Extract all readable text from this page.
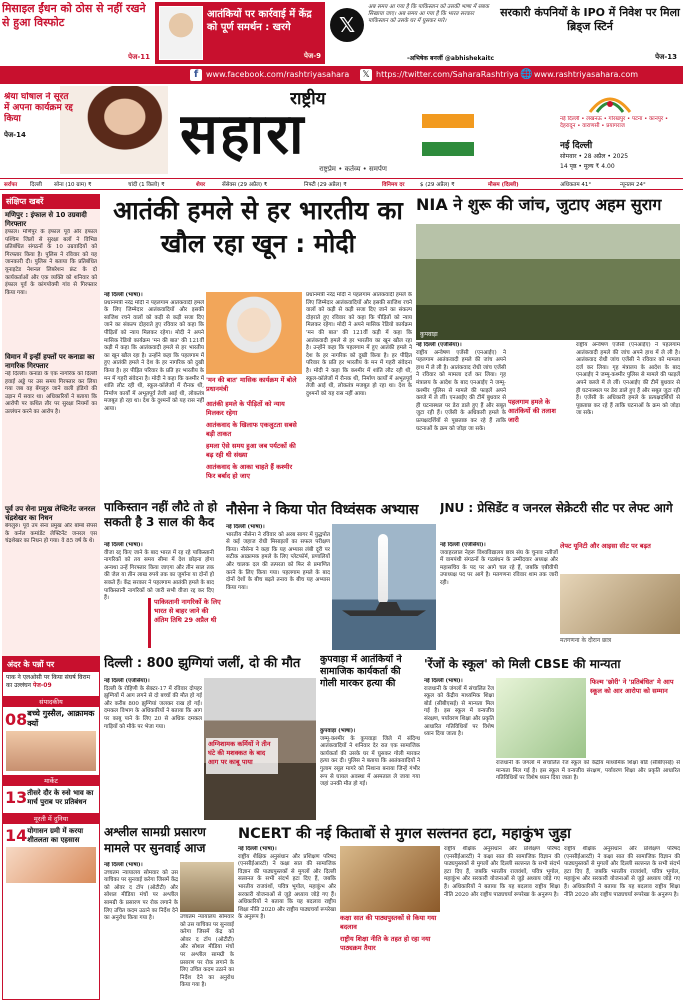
मिसाइल ईंधन को ठोस से नहीं रखने से हुआ विस्फोट
पेज-11
आतंकियों पर कार्रवाई में केंद्र को पूर्ण समर्थन : खरगे
पेज-9
𝕏
अब समय आ गया है कि पाकिस्तान को उसकी भाषा में सबक सिखाया जाए। अब समय आ गया है कि भारत सरकार पाकिस्तान को उसके घर में घुसकर मारे।
-अभिषेक बनर्जी @abhishekaitc
सरकारी कंपनियों के IPO में निवेश पर मिला ब्रिड्ज स्टिर्न
पेज-13
f www.facebook.com/rashtriyasahara 𝕏 https://twitter.com/SaharaRashtriya 🌐 www.rashtriyasahara.com
श्रेया घोषाल ने सूरत में अपना कार्यक्रम रद्द किया
पेज-14
राष्ट्रीय
सहारा
राष्ट्रप्रेम • कर्तव्य • समर्पण
नई दिल्ली • लखनऊ • गोरखपुर • पटना • कानपुर • देहरादून • वाराणसी • प्रयागराज
नई दिल्ली
सोमवार • 28 अप्रैल • 2025
14 पृष्ठ • मूल्य ₹ 4.00
सर्राफा दिल्ली सोना (10 ग्राम) ₹	चांदी (1 किलो) ₹	शेयर	सेंसेक्स (29 अप्रैल) ₹	निफ्टी (29 अप्रैल) ₹	विनिमय दर	$ (29 अप्रैल) ₹	मौसम (दिल्ली)	अधिकतम 41°	न्यूनतम 24°
संक्षिप्त खबरें
मणिपुर : इंफाल से 10 उग्रवादी गिरफ्तार
इंफाल। मणिपुर के इंफाल पूर्व और इंफाल पश्चिम जिलों से सुरक्षा बलों ने विभिन्न प्रतिबंधित संगठनों के 10 उग्रवादियों को गिरफ्तार किया है। पुलिस ने रविवार को यह जानकारी दी। पुलिस ने बताया कि प्रतिबंधित यूनाइटेड नेशनल लिबरेशन फ्रंट के दो कार्यकर्ताओं और एक व्यक्ति को शनिवार को इंफाल पूर्व के कांगपोक्पी गांव से गिरफ्तार किया गया।
विमान में इन्हीं हफ्तों पर कनाडा का नागरिक गिरफ्तार
नई दिल्ली। कनाडा के एक नागरिक को दिल्ली हवाई अड्डे पर उस समय गिरफ्तार कर लिया गया जब वह बेंगलुरु जाने वाली इंडिगो की उड़ान में सवार था। अधिकारियों ने बताया कि आरोपी पर कथित तौर पर सुरक्षा नियमों का उल्लंघन करने का आरोप है।
पूर्व उप सेना प्रमुख लेफ्टिनेंट जनरल चंद्रशेखर का निधन
बेंगलुरु। पूर्व उप सेना प्रमुख और बॉम्बे सैपर्स के कर्नल कमांडेंट लेफ्टिनेंट जनरल एस चंद्रशेखर का निधन हो गया। वे 85 वर्ष के थे।
अंदर के पन्नों पर
पाक ने एलओसी पर किया संघर्ष विराम का उल्लंघन पेज-09
संपादकीय
08 बच्चे गुस्सैल, आक्रामक क्यों
मार्केट
13 तीसरे दौर के रुसे भाव का मार्च पुराब पर प्रतिबंधन
मूरती में दुनिया
14 योगासन ग्रमी में करया शीतलता का एहसास
आतंकी हमले से हर भारतीय का खौल रहा खून : मोदी
नई दिल्ली (भाषा)।
प्रधानमंत्री नरेंद्र मोदी ने पहलगाम आतंकवादी हमले के लिए जिम्मेदार आतंकवादियों और इसकी साजिश रचने वालों को कड़ी से कड़ी सजा दिए जाने का संकल्प दोहराते हुए रविवार को कहा कि पीड़ितों को न्याय मिलकर रहेगा। मोदी ने अपने मासिक रेडियो कार्यक्रम 'मन की बात' की 121वीं कड़ी में कहा कि आतंकवादी हमले से हर भारतीय का खून खौल रहा है। उन्होंने कहा कि पहलगाम में हुए आतंकी हमले ने देश के हर नागरिक को दुखी किया है। हर पीड़ित परिवार के प्रति हर भारतीय के मन में गहरी संवेदना है। मोदी ने कहा कि कश्मीर में शांति लौट रही थी, स्कूल-कॉलेजों में रौनक थी, निर्माण कार्यों में अभूतपूर्व तेजी आई थी, लोकतंत्र मजबूत हो रहा था। देश के दुश्मनों को यह रास नहीं आया।
'मन की बात' मासिक कार्यक्रम में बोले प्रधानमंत्री
आतंकी हमले के पीड़ितों को न्याय मिलकर रहेगा
आतंकवाद के खिलाफ एकजुटता सबसे बड़ी ताकत
हमला ऐसे समय हुआ जब पर्यटकों की बढ़ रही थी संख्या
आतंकवाद के आका चाहते हैं कश्मीर फिर बर्बाद हो जाए
प्रधानमंत्री नरेंद्र मोदी ने पहलगाम आतंकवादी हमले के लिए जिम्मेदार आतंकवादियों और इसकी साजिश रचने वालों को कड़ी से कड़ी सजा दिए जाने का संकल्प दोहराते हुए रविवार को कहा कि पीड़ितों को न्याय मिलकर रहेगा। मोदी ने अपने मासिक रेडियो कार्यक्रम 'मन की बात' की 121वीं कड़ी में कहा कि आतंकवादी हमले से हर भारतीय का खून खौल रहा है। उन्होंने कहा कि पहलगाम में हुए आतंकी हमले ने देश के हर नागरिक को दुखी किया है। हर पीड़ित परिवार के प्रति हर भारतीय के मन में गहरी संवेदना है। मोदी ने कहा कि कश्मीर में शांति लौट रही थी, स्कूल-कॉलेजों में रौनक थी, निर्माण कार्यों में अभूतपूर्व तेजी आई थी, लोकतंत्र मजबूत हो रहा था। देश के दुश्मनों को यह रास नहीं आया।
NIA ने शुरू की जांच, जुटाए अहम सुराग
कुपवाड़ा
नई दिल्ली (एजेंसियां)।
राष्ट्रीय अन्वेषण एजेंसी (एनआईए) ने पहलगाम आतंकवादी हमले की जांच अपने हाथ में ले ली है। आतंकवाद रोधी जांच एजेंसी ने रविवार को मामला दर्ज कर लिया। गृह मंत्रालय के आदेश के बाद एनआईए ने जम्मू-कश्मीर पुलिस से मामले की फाइलें अपने कब्जे में ले लीं। एनआईए की टीमें बुधवार से ही घटनास्थल पर डेरा डाले हुए हैं और सबूत जुटा रही हैं। एजेंसी के अधिकारी हमले के प्रत्यक्षदर्शियों से पूछताछ कर रहे हैं ताकि घटनाओं के क्रम को जोड़ा जा सके।
पहलगाम हमले के आतंकियों की तलाश जारी
राष्ट्रीय अन्वेषण एजेंसी (एनआईए) ने पहलगाम आतंकवादी हमले की जांच अपने हाथ में ले ली है। आतंकवाद रोधी जांच एजेंसी ने रविवार को मामला दर्ज कर लिया। गृह मंत्रालय के आदेश के बाद एनआईए ने जम्मू-कश्मीर पुलिस से मामले की फाइलें अपने कब्जे में ले लीं। एनआईए की टीमें बुधवार से ही घटनास्थल पर डेरा डाले हुए हैं और सबूत जुटा रही हैं। एजेंसी के अधिकारी हमले के प्रत्यक्षदर्शियों से पूछताछ कर रहे हैं ताकि घटनाओं के क्रम को जोड़ा जा सके।
पाकिस्तान नहीं लौटे तो हो सकती है 3 साल की कैद
नई दिल्ली (भाषा)।
वीजा रद्द किए जाने के बाद भारत में रह रहे पाकिस्तानी नागरिकों को तय समय सीमा में देश छोड़ना होगा अन्यथा उन्हें गिरफ्तार किया जाएगा और तीन साल तक की जेल या तीन लाख रुपये तक का जुर्माना या दोनों हो सकते हैं। केंद्र सरकार ने पहलगाम आतंकी हमले के बाद पाकिस्तानी नागरिकों को जारी सभी वीजा रद्द कर दिए हैं।	पाकिस्तानी नागरिकों के लिए भारत से बाहर जाने की अंतिम तिथि 29 अप्रैल थी
नौसेना ने किया पोत विध्वंसक अभ्यास
नई दिल्ली (भाषा)।
भारतीय नौसेना ने रविवार को अरब सागर में युद्धपोत से कई जहाज रोधी मिसाइलों का सफल परीक्षण किया। नौसेना ने कहा कि यह अभ्यास लंबी दूरी पर सटीक आक्रामक हमले के लिए प्लेटफॉर्म, प्रणालियों और चालक दल की तत्परता को फिर से प्रमाणित करने के लिए किया गया। पहलगाम हमले के बाद दोनों देशों के बीच बढ़ते तनाव के बीच यह अभ्यास किया गया।
JNU : प्रेसिडेंट व जनरल सेक्रेटरी सीट पर लेफ्ट आगे
नई दिल्ली (एजेंसियां)।
जवाहरलाल नेहरू विश्वविद्यालय छात्र संघ के चुनाव नतीजों में वामपंथी संगठनों के गठबंधन के उम्मीदवार अध्यक्ष और महासचिव के पद पर आगे चल रहे हैं, जबकि एबीवीपी उपाध्यक्ष पद पर आगे है। मतगणना रविवार शाम तक जारी रही।
लेफ्ट यूनिटी और आइसा सीट पर बढ़त
मतगणना के दौरान छात्र
दिल्ली : 800 झुग्गियां जलीं, दो की मौत
नई दिल्ली (एजेंसियां)।
दिल्ली के रोहिणी के सेक्टर-17 में रविवार दोपहर झुग्गियों में आग लगने से दो बच्चों की मौत हो गई और करीब 800 झुग्गियां जलकर राख हो गईं। दमकल विभाग के अधिकारियों ने बताया कि आग पर काबू पाने के लिए 20 से अधिक दमकल गाड़ियों को मौके पर भेजा गया।
अग्निशामक कर्मियों ने तीन घंटे की मशक्कत के बाद आग पर काबू पाया
कुपवाड़ा में आतंकियों ने सामाजिक कार्यकर्ता की गोली मारकर हत्या की
कुपवाड़ा (भाषा)।
जम्मू-कश्मीर के कुपवाड़ा जिले में संदिग्ध आतंकवादियों ने शनिवार देर रात एक सामाजिक कार्यकर्ता की उसके घर में घुसकर गोली मारकर हत्या कर दी। पुलिस ने बताया कि आतंकवादियों ने गुलाम रसूल मागरे को निशाना बनाया जिन्हें गंभीर रूप से घायल अवस्था में अस्पताल ले जाया गया जहां उनकी मौत हो गई।
'रेंजों के स्कूल' को मिली CBSE की मान्यता
नई दिल्ली (भाषा)।
राजधानी के जंगलों में संचालित रेंज स्कूल को केंद्रीय माध्यमिक शिक्षा बोर्ड (सीबीएसई) से मान्यता मिल गई है। इस स्कूल में वन्यजीव संरक्षण, पर्यावरण शिक्षा और प्रकृति आधारित गतिविधियों पर विशेष ध्यान दिया जाता है।
फिल्म 'छोरी' ने 'प्रतिबंधित' मे आप स्कूल को आर आरोपा को सम्मान
राजधानी के जंगलों में संचालित रेंज स्कूल को केंद्रीय माध्यमिक शिक्षा बोर्ड (सीबीएसई) से मान्यता मिल गई है। इस स्कूल में वन्यजीव संरक्षण, पर्यावरण शिक्षा और प्रकृति आधारित गतिविधियों पर विशेष ध्यान दिया जाता है।
अश्लील सामग्री प्रसारण मामले पर सुनवाई आज
नई दिल्ली (भाषा)।
उच्चतम न्यायालय सोमवार को उस याचिका पर सुनवाई करेगा जिसमें केंद्र को ओवर द टॉप (ओटीटी) और सोशल मीडिया मंचों पर अश्लील सामग्री के प्रसारण पर रोक लगाने के लिए उचित कदम उठाने का निर्देश देने का अनुरोध किया गया है।	उच्चतम न्यायालय सोमवार को उस याचिका पर सुनवाई करेगा जिसमें केंद्र को ओवर द टॉप (ओटीटी) और सोशल मीडिया मंचों पर अश्लील सामग्री के प्रसारण पर रोक लगाने के लिए उचित कदम उठाने का निर्देश देने का अनुरोध किया गया है।
NCERT की नई किताबों से मुगल सल्तनत हटा, महाकुंभ जुड़ा
नई दिल्ली (भाषा)।
राष्ट्रीय शैक्षिक अनुसंधान और प्रशिक्षण परिषद (एनसीईआरटी) ने कक्षा सात की सामाजिक विज्ञान की पाठ्यपुस्तकों से मुगलों और दिल्ली सल्तनत के सभी संदर्भ हटा दिए हैं, जबकि भारतीय राजवंशों, पवित्र भूगोल, महाकुंभ और सरकारी योजनाओं से जुड़े अध्याय जोड़े गए हैं। अधिकारियों ने बताया कि यह बदलाव राष्ट्रीय शिक्षा नीति 2020 और राष्ट्रीय पाठ्यचर्या रूपरेखा के अनुरूप है।	कक्षा सात की पाठ्यपुस्तकों से किया गया बदलाव
राष्ट्रीय शिक्षा नीति के तहत हो रहा नया पाठ्यक्रम तैयार
राष्ट्रीय शैक्षिक अनुसंधान और प्रशिक्षण परिषद (एनसीईआरटी) ने कक्षा सात की सामाजिक विज्ञान की पाठ्यपुस्तकों से मुगलों और दिल्ली सल्तनत के सभी संदर्भ हटा दिए हैं, जबकि भारतीय राजवंशों, पवित्र भूगोल, महाकुंभ और सरकारी योजनाओं से जुड़े अध्याय जोड़े गए हैं। अधिकारियों ने बताया कि यह बदलाव राष्ट्रीय शिक्षा नीति 2020 और राष्ट्रीय पाठ्यचर्या रूपरेखा के अनुरूप है।
राष्ट्रीय शैक्षिक अनुसंधान और प्रशिक्षण परिषद (एनसीईआरटी) ने कक्षा सात की सामाजिक विज्ञान की पाठ्यपुस्तकों से मुगलों और दिल्ली सल्तनत के सभी संदर्भ हटा दिए हैं, जबकि भारतीय राजवंशों, पवित्र भूगोल, महाकुंभ और सरकारी योजनाओं से जुड़े अध्याय जोड़े गए हैं। अधिकारियों ने बताया कि यह बदलाव राष्ट्रीय शिक्षा नीति 2020 और राष्ट्रीय पाठ्यचर्या रूपरेखा के अनुरूप है।
